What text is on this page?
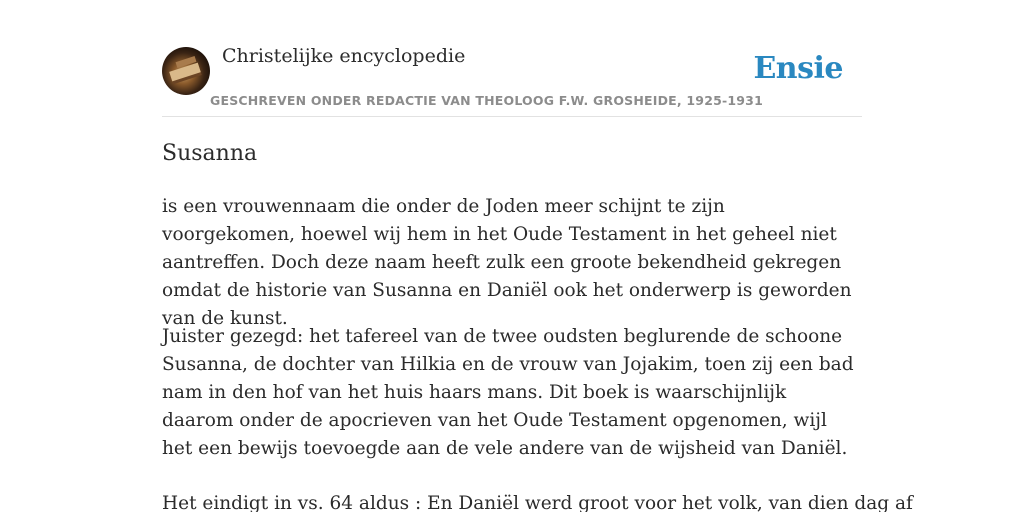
Christelijke encyclopedie
GESCHREVEN ONDER REDACTIE VAN THEOLOOG F.W. GROSHEIDE, 1925-1931
Ensie
Susanna

is een vrouwennaam die onder de Joden meer schijnt te zijn voorgekomen, hoewel wij hem in het Oude Testament in het geheel niet aantreffen. Doch deze naam heeft zulk een groote bekendheid gekregen omdat de historie van Susanna en Daniël ook het onderwerp is geworden van de kunst.

Juister gezegd: het tafereel van de twee oudsten beglurende de schoone Susanna, de dochter van Hilkia en de vrouw van Jojakim, toen zij een bad nam in den hof van het huis haars mans. Dit boek is waarschijnlijk daarom onder de apocrieven van het Oude Testament opgenomen, wijl het een bewijs toevoegde aan de vele andere van de wijsheid van Daniël.

Het eindigt in vs. 64 aldus : En Daniël werd groot voor het volk, van dien dag af
